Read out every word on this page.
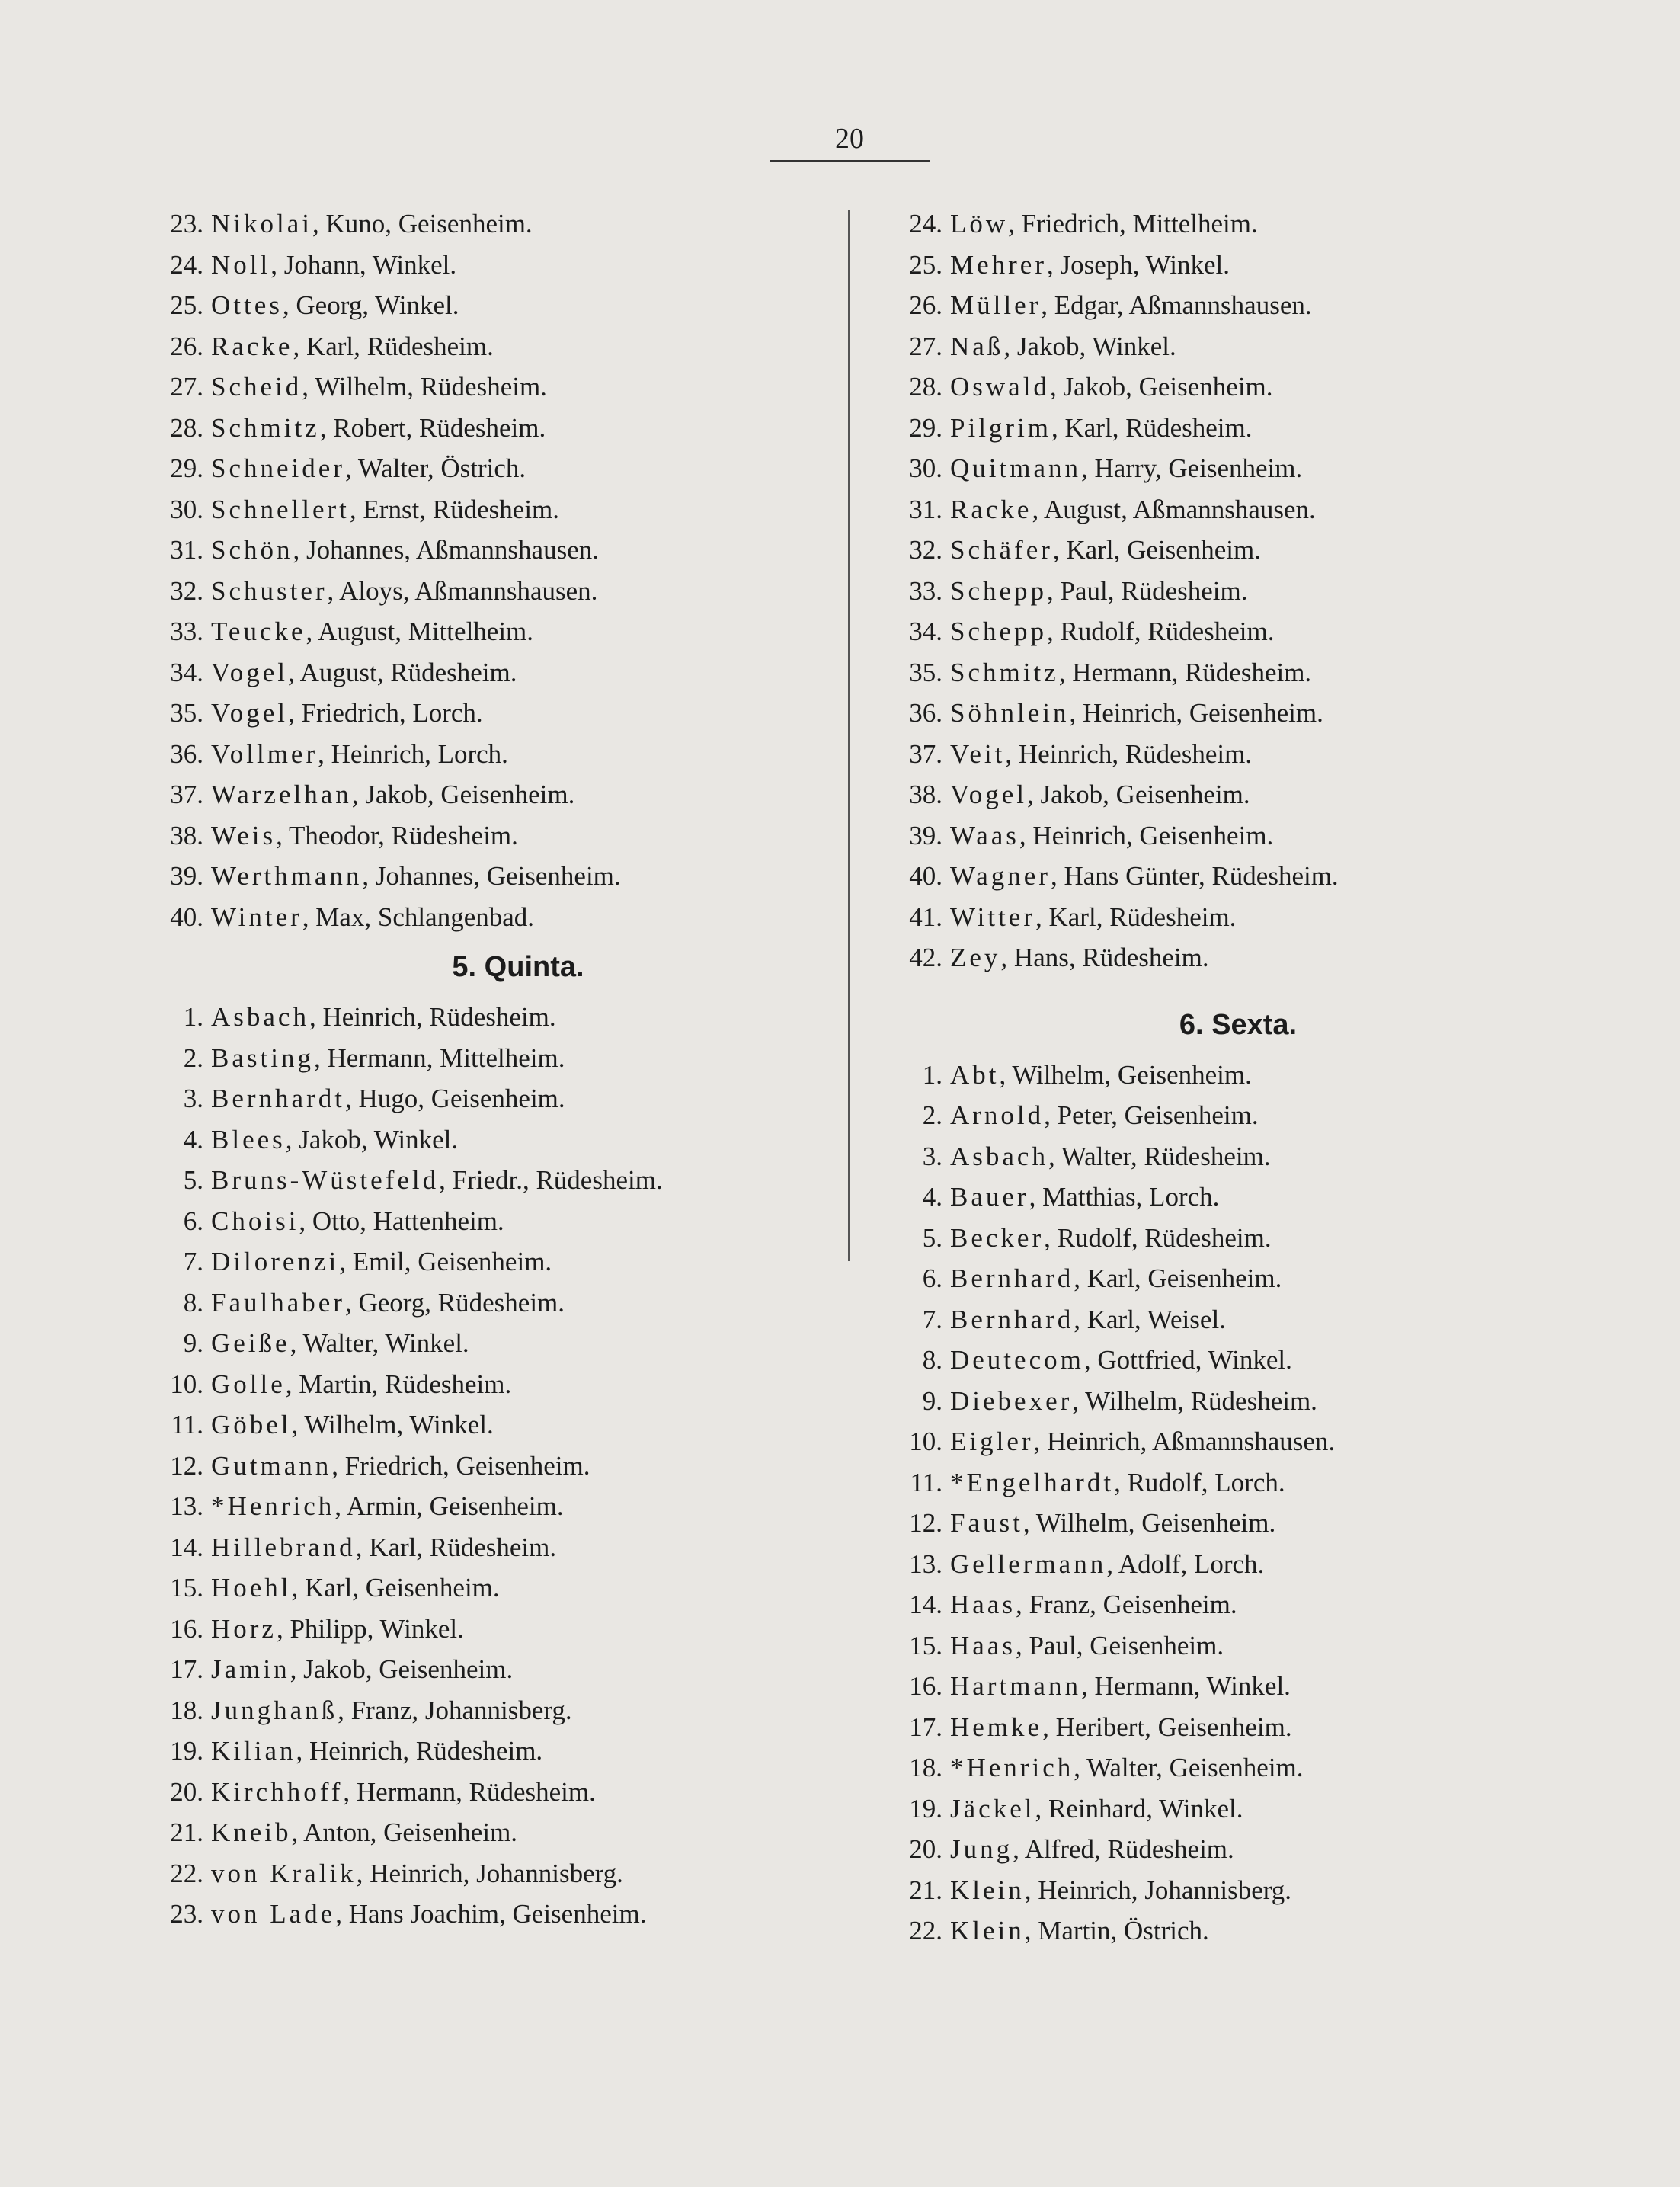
20
23. Nikolai, Kuno, Geisenheim.
24. Noll, Johann, Winkel.
25. Ottes, Georg, Winkel.
26. Racke, Karl, Rüdesheim.
27. Scheid, Wilhelm, Rüdesheim.
28. Schmitz, Robert, Rüdesheim.
29. Schneider, Walter, Östrich.
30. Schnellert, Ernst, Rüdesheim.
31. Schön, Johannes, Aßmannshausen.
32. Schuster, Aloys, Aßmannshausen.
33. Teucke, August, Mittelheim.
34. Vogel, August, Rüdesheim.
35. Vogel, Friedrich, Lorch.
36. Vollmer, Heinrich, Lorch.
37. Warzelhan, Jakob, Geisenheim.
38. Weis, Theodor, Rüdesheim.
39. Werthmann, Johannes, Geisenheim.
40. Winter, Max, Schlangenbad.
5. Quinta.
1. Asbach, Heinrich, Rüdesheim.
2. Basting, Hermann, Mittelheim.
3. Bernhardt, Hugo, Geisenheim.
4. Blees, Jakob, Winkel.
5. Bruns-Wüstefeld, Friedr., Rüdesheim.
6. Choisi, Otto, Hattenheim.
7. Dilorenzi, Emil, Geisenheim.
8. Faulhaber, Georg, Rüdesheim.
9. Geiße, Walter, Winkel.
10. Golle, Martin, Rüdesheim.
11. Göbel, Wilhelm, Winkel.
12. Gutmann, Friedrich, Geisenheim.
13. *Henrich, Armin, Geisenheim.
14. Hillebrand, Karl, Rüdesheim.
15. Hoehl, Karl, Geisenheim.
16. Horz, Philipp, Winkel.
17. Jamin, Jakob, Geisenheim.
18. Junghanß, Franz, Johannisberg.
19. Kilian, Heinrich, Rüdesheim.
20. Kirchhoff, Hermann, Rüdesheim.
21. Kneib, Anton, Geisenheim.
22. von Kralik, Heinrich, Johannisberg.
23. von Lade, Hans Joachim, Geisenheim.
24. Löw, Friedrich, Mittelheim.
25. Mehrer, Joseph, Winkel.
26. Müller, Edgar, Aßmannshausen.
27. Naß, Jakob, Winkel.
28. Oswald, Jakob, Geisenheim.
29. Pilgrim, Karl, Rüdesheim.
30. Quitmann, Harry, Geisenheim.
31. Racke, August, Aßmannshausen.
32. Schäfer, Karl, Geisenheim.
33. Schepp, Paul, Rüdesheim.
34. Schepp, Rudolf, Rüdesheim.
35. Schmitz, Hermann, Rüdesheim.
36. Söhnlein, Heinrich, Geisenheim.
37. Veit, Heinrich, Rüdesheim.
38. Vogel, Jakob, Geisenheim.
39. Waas, Heinrich, Geisenheim.
40. Wagner, Hans Günter, Rüdesheim.
41. Witter, Karl, Rüdesheim.
42. Zey, Hans, Rüdesheim.
6. Sexta.
1. Abt, Wilhelm, Geisenheim.
2. Arnold, Peter, Geisenheim.
3. Asbach, Walter, Rüdesheim.
4. Bauer, Matthias, Lorch.
5. Becker, Rudolf, Rüdesheim.
6. Bernhard, Karl, Geisenheim.
7. Bernhard, Karl, Weisel.
8. Deutecom, Gottfried, Winkel.
9. Diebexer, Wilhelm, Rüdesheim.
10. Eigler, Heinrich, Aßmannshausen.
11. *Engelhardt, Rudolf, Lorch.
12. Faust, Wilhelm, Geisenheim.
13. Gellermann, Adolf, Lorch.
14. Haas, Franz, Geisenheim.
15. Haas, Paul, Geisenheim.
16. Hartmann, Hermann, Winkel.
17. Hemke, Heribert, Geisenheim.
18. *Henrich, Walter, Geisenheim.
19. Jäckel, Reinhard, Winkel.
20. Jung, Alfred, Rüdesheim.
21. Klein, Heinrich, Johannisberg.
22. Klein, Martin, Östrich.
